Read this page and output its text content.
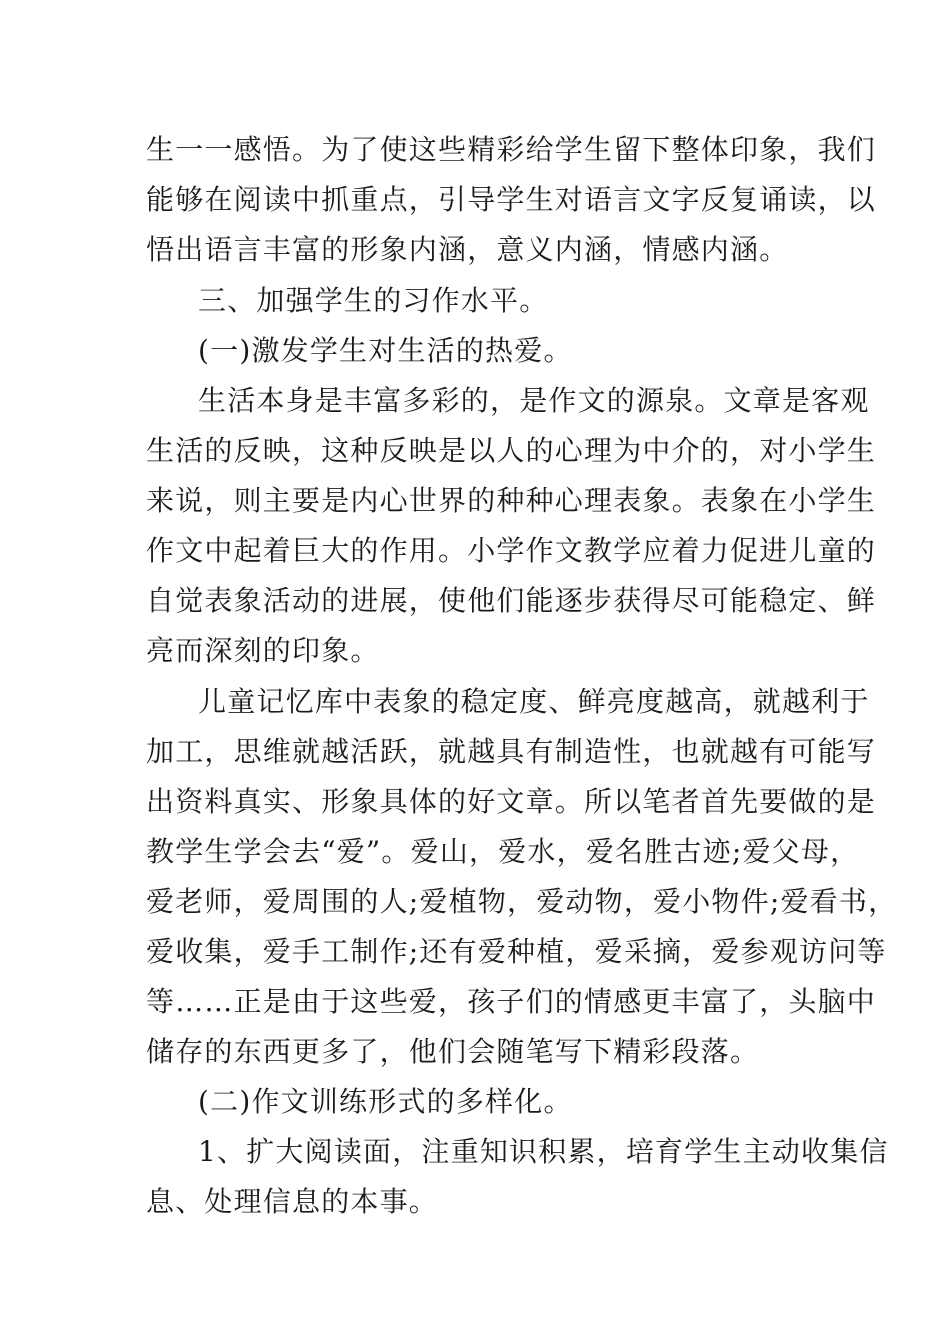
生一一感悟。为了使这些精彩给学生留下整体印象，我们
能够在阅读中抓重点，引导学生对语言文字反复诵读，以
悟出语言丰富的形象内涵，意义内涵，情感内涵。
三、加强学生的习作水平。
(一)激发学生对生活的热爱。
生活本身是丰富多彩的，是作文的源泉。文章是客观
生活的反映，这种反映是以人的心理为中介的，对小学生
来说，则主要是内心世界的种种心理表象。表象在小学生
作文中起着巨大的作用。小学作文教学应着力促进儿童的
自觉表象活动的进展，使他们能逐步获得尽可能稳定、鲜
亮而深刻的印象。
儿童记忆库中表象的稳定度、鲜亮度越高，就越利于
加工，思维就越活跃，就越具有制造性，也就越有可能写
出资料真实、形象具体的好文章。所以笔者首先要做的是
教学生学会去“爱”。爱山，爱水，爱名胜古迹;爱父母，
爱老师，爱周围的人;爱植物，爱动物，爱小物件;爱看书，
爱收集，爱手工制作;还有爱种植，爱采摘，爱参观访问等
等……正是由于这些爱，孩子们的情感更丰富了，头脑中
储存的东西更多了，他们会随笔写下精彩段落。
(二)作文训练形式的多样化。
1、扩大阅读面，注重知识积累，培育学生主动收集信
息、处理信息的本事。
